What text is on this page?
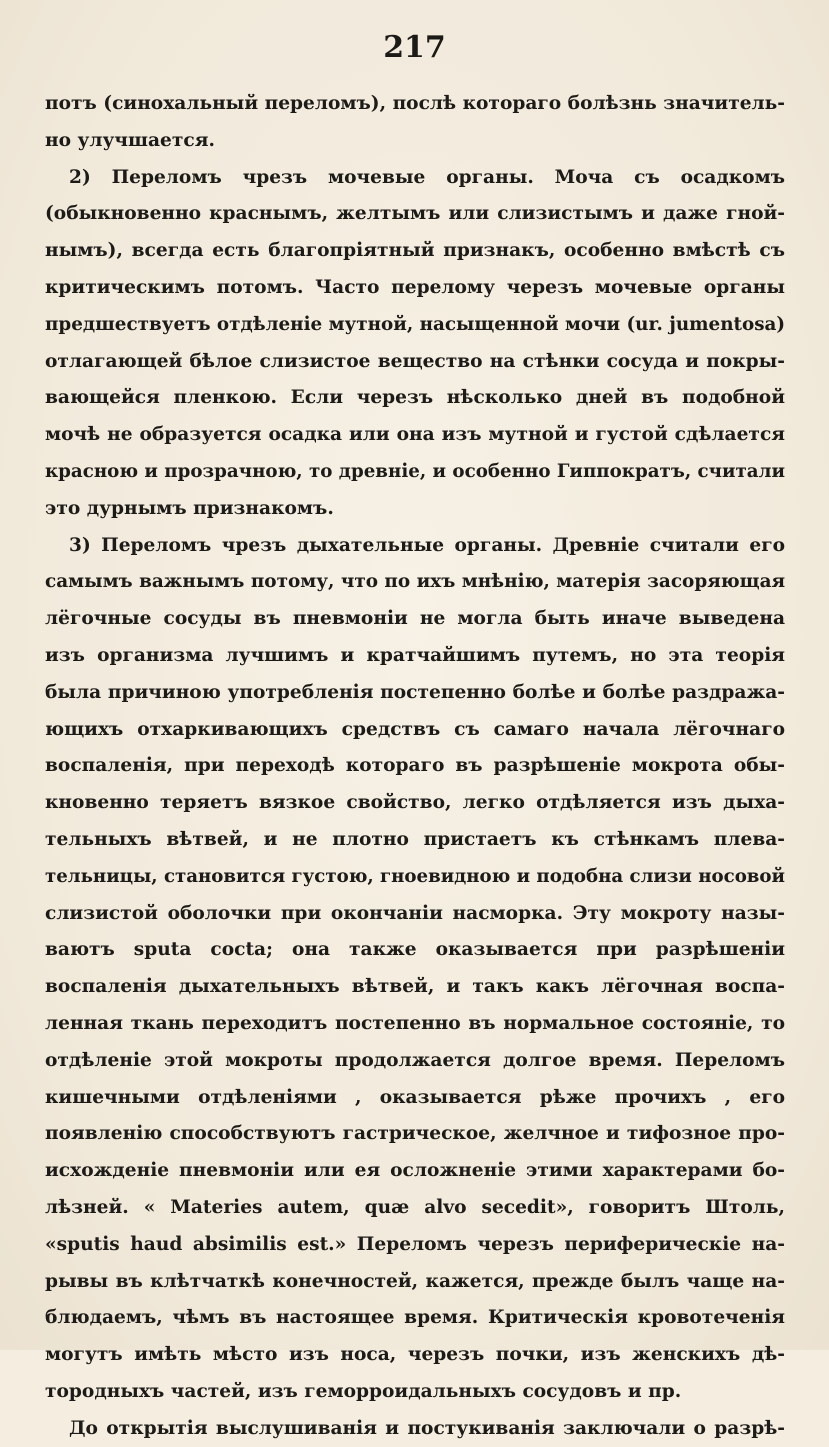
217
потъ (синохальный переломъ), послѣ котораго болѣзнь значитель-
но улучшается.
2) Переломъ чрезъ мочевые органы. Моча съ осадкомъ
(обыкновенно краснымъ, желтымъ или слизистымъ и даже гной-
нымъ), всегда есть благопріятный признакъ, особенно вмѣстѣ съ
критическимъ потомъ. Часто перелому черезъ мочевые органы
предшествуетъ отдѣленіе мутной, насыщенной мочи (ur. jumentosa)
отлагающей бѣлое слизистое вещество на стѣнки сосуда и покры-
вающейся пленкою. Если черезъ нѣсколько дней въ подобной
мочѣ не образуется осадка или она изъ мутной и густой сдѣлается
красною и прозрачною, то древніе, и особенно Гиппократъ, считали
это дурнымъ признакомъ.
3) Переломъ чрезъ дыхательные органы. Древніе считали его
самымъ важнымъ потому, что по ихъ мнѣнію, матерія засоряющая
лёгочные сосуды въ пневмоніи не могла быть иначе выведена
изъ организма лучшимъ и кратчайшимъ путемъ, но эта теорія
была причиною употребленія постепенно болѣе и болѣе раздража-
ющихъ отхаркивающихъ средствъ съ самаго начала лёгочнаго
воспаленія, при переходѣ котораго въ разрѣшеніе мокрота обы-
кновенно теряетъ вязкое свойство, легко отдѣляется изъ дыха-
тельныхъ вѣтвей, и не плотно пристаетъ къ стѣнкамъ плева-
тельницы, становится густою, гноевидною и подобна слизи носовой
слизистой оболочки при окончаніи насморка. Эту мокроту назы-
ваютъ sputa cocta; она также оказывается при разрѣшеніи
воспаленія дыхательныхъ вѣтвей, и такъ какъ лёгочная воспа-
ленная ткань переходитъ постепенно въ нормальное состояніе, то
отдѣленіе этой мокроты продолжается долгое время. Переломъ
кишечными отдѣленіями , оказывается рѣже прочихъ , его
появленію способствуютъ гастрическое, желчное и тифозное про-
исхожденіе пневмоніи или ея осложненіе этими характерами бо-
лѣзней. « Materies autem, quæ alvo secedit», говоритъ Штоль,
«sputis haud absimilis est.» Переломъ черезъ периферическіе на-
рывы въ клѣтчаткѣ конечностей, кажется, прежде былъ чаще на-
блюдаемъ, чѣмъ въ настоящее время. Критическія кровотеченія
могутъ имѣть мѣсто изъ носа, черезъ почки, изъ женскихъ дѣ-
тородныхъ частей, изъ геморроидальныхъ сосудовъ и пр.
До открытія выслушиванія и постукиванія заключали о разрѣ-
